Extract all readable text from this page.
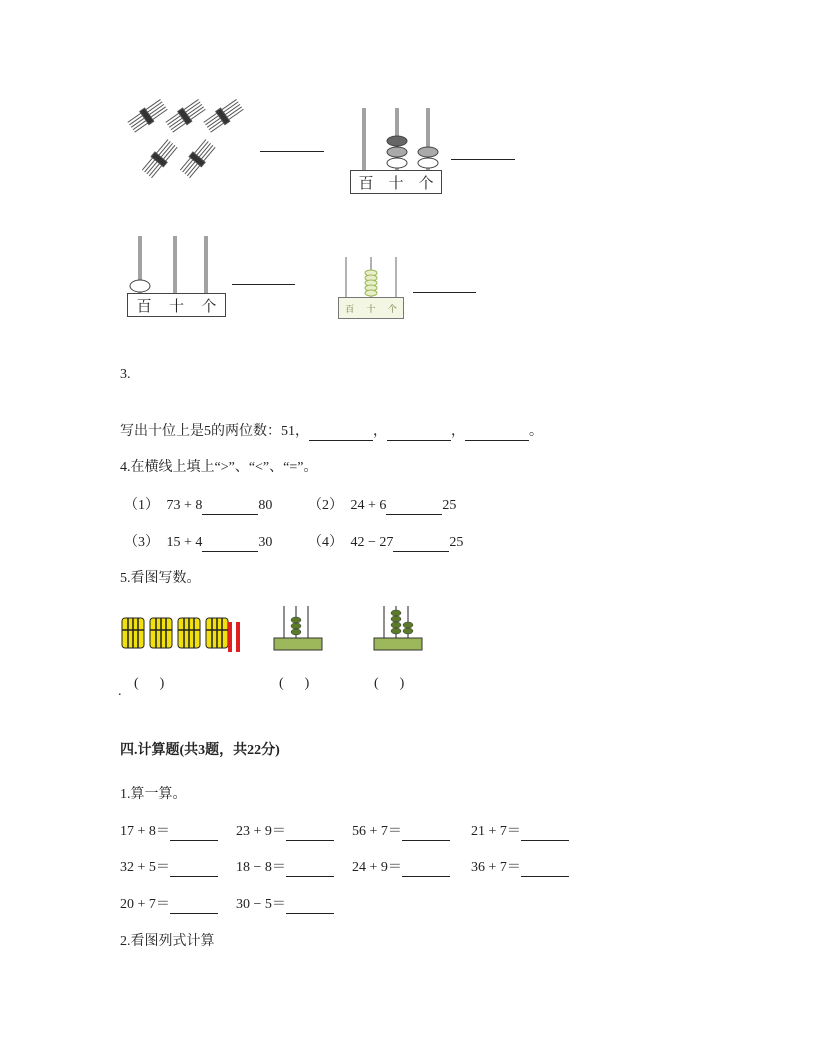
百 十 个
百 十 个	百 十 个
3.
写出十位上是5的两位数：51，	，	，	。
4.在横线上填上“>”、“<”、“=”。
（1） 73 + 8	80	（2） 24 + 6	25
（3） 15 + 4	30	（4） 42 − 27	25
5.看图写数。
.
(      )	(      )	(      )
四.计算题(共3题，共22分)
1.算一算。
17 + 8＝	23 + 9＝	56 + 7＝	21 + 7＝
32 + 5＝	18 − 8＝	24 + 9＝	36 + 7＝
20 + 7＝	30 − 5＝
2.看图列式计算
